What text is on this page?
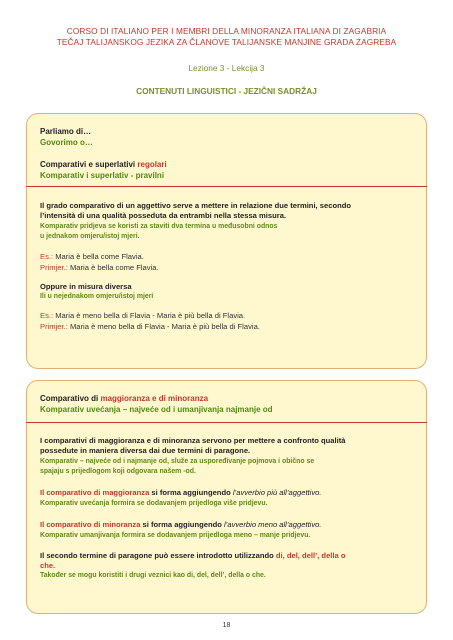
CORSO DI ITALIANO PER I MEMBRI DELLA MINORANZA ITALIANA DI ZAGABRIA
TEČAJ TALIJANSKOG JEZIKA ZA ČLANOVE TALIJANSKE MANJINE GRADA ZAGREBA
Lezione 3 - Lekcija 3
CONTENUTI LINGUISTICI - JEZIČNI SADRŽAJ
Parliamo di…
Govorimo o…
Comparativi e superlativi regolari
Komparativ i superlativ - pravilni
Il grado comparativo di un aggettivo serve a mettere in relazione due termini, secondo
l’intensità di una qualità posseduta da entrambi nella stessa misura.
Komparativ pridjeva se koristi za staviti dva termina u međusobni odnos
u jednakom omjeru/istoj mjeri.
Es.: Maria è bella come Flavia.
Primjer.: Maria è bella come Flavia.
Oppure in misura diversa
Ili u nejednakom omjeru/istoj mjeri
Es.: Maria è meno bella di Flavia - Maria è più bella di Flavia.
Primjer.: Maria è meno bella di Flavia - Maria è più bella di Flavia.
Comparativo di maggioranza e di minoranza
Komparativ uvećanja – najveće od i umanjivanja najmanje od
I comparativi di maggioranza e di minoranza servono per mettere a confronto qualità
possedute in maniera diversa dai due termini di paragone.
Komparativ – najveće od i najmanje od, služe za uspoređivanje pojmova i obično se
spajaju s prijedlogom koji odgovara našem -od.
Il comparativo di maggioranza si forma aggiungendo l’avverbio più all’aggettivo.
Komparativ uvećanja formira se dodavanjem prijedloga više pridjevu.
Il comparativo di minoranza si forma aggiungendo l’avverbio meno all’aggettivo.
Komparativ umanjivanja formira se dodavanjem prijedloga meno – manje pridjevu.
Il secondo termine di paragone può essere introdotto utilizzando di, del, dell’, della o
che.
Također se mogu koristiti i drugi veznici kao di, del, dell’, della o che.
18
